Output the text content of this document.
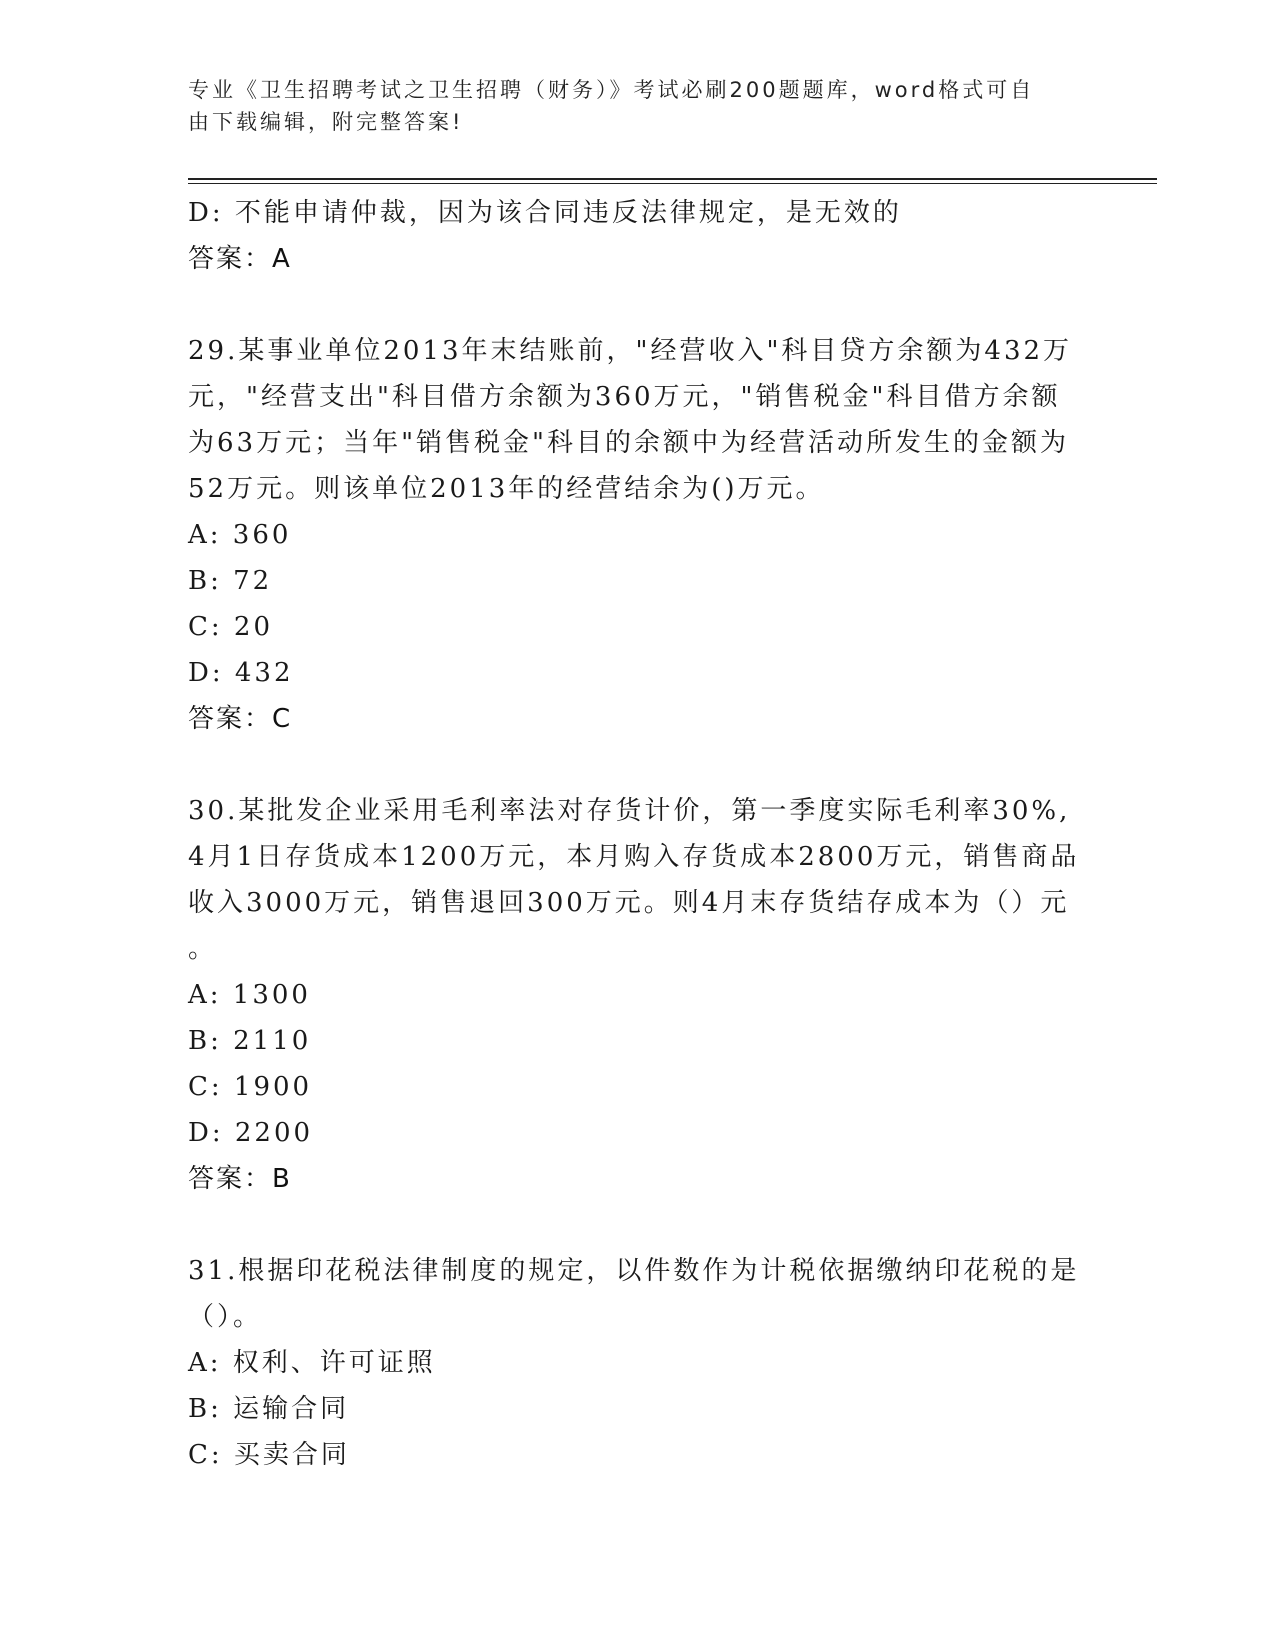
专业《卫生招聘考试之卫生招聘（财务）》考试必刷200题题库，word格式可自
由下载编辑，附完整答案!
D: 不能申请仲裁，因为该合同违反法律规定，是无效的
答案：A
29.某事业单位2013年末结账前，"经营收入"科目贷方余额为432万
元，"经营支出"科目借方余额为360万元，"销售税金"科目借方余额
为63万元；当年"销售税金"科目的余额中为经营活动所发生的金额为
52万元。则该单位2013年的经营结余为()万元。
A: 360
B: 72
C: 20
D: 432
答案：C
30.某批发企业采用毛利率法对存货计价，第一季度实际毛利率30%,
4月1日存货成本1200万元，本月购入存货成本2800万元，销售商品
收入3000万元，销售退回300万元。则4月末存货结存成本为（）元
。
A: 1300
B: 2110
C: 1900
D: 2200
答案：B
31.根据印花税法律制度的规定，以件数作为计税依据缴纳印花税的是
（）。
A: 权利、许可证照
B: 运输合同
C: 买卖合同
